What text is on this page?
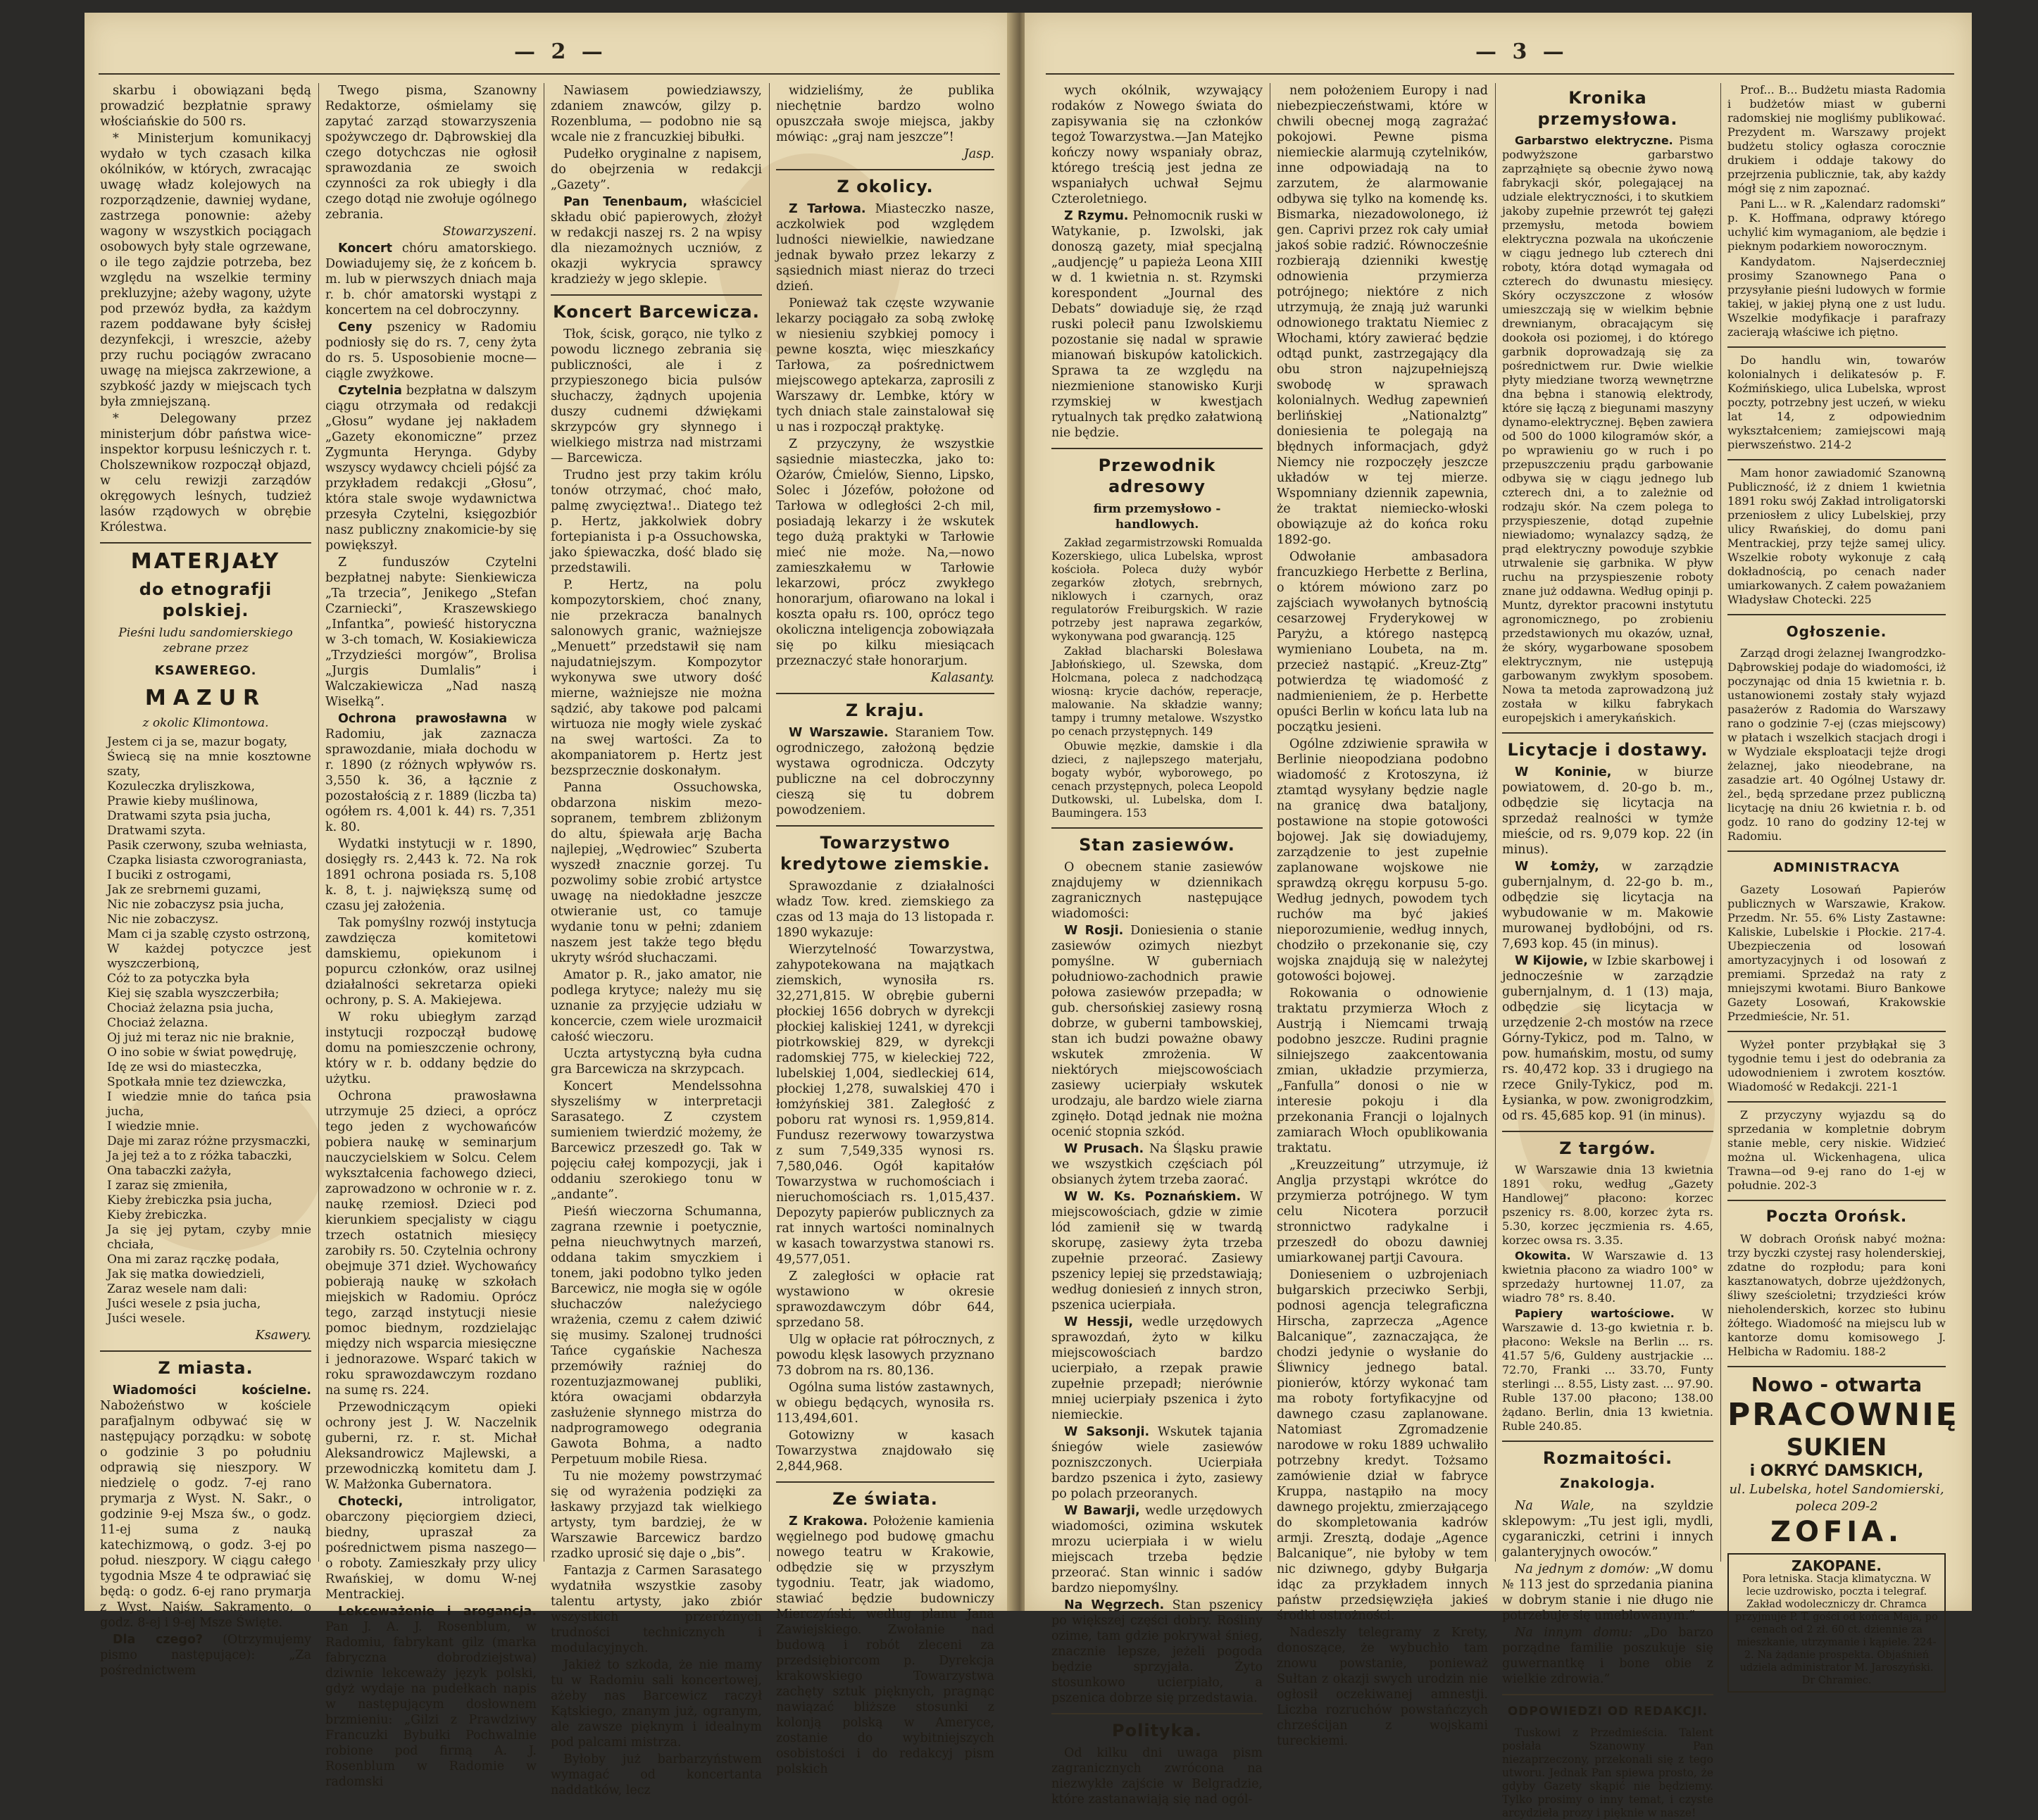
— 2 —

skarbu i obowiązani będą prowadzić bezpłatnie sprawy włościańskie do 500 rs.

* Ministerjum komunikacyj wydało w tych czasach kilka okólników, w których, zwracając uwagę władz kolejowych na rozporządzenie, dawniej wydane, zastrzega ponownie: ażeby wagony w wszystkich pociągach osobowych były stale ogrzewane, o ile tego zajdzie potrzeba, bez względu na wszelkie terminy prekluzyjne; ażeby wagony, użyte pod przewóz bydła, za każdym razem poddawane były ścisłej dezynfekcji, i wreszcie, ażeby przy ruchu pociągów zwracano uwagę na miejsca zakrzewione, a szybkość jazdy w miejscach tych była zmniejszaną.

* Delegowany przez ministerjum dóbr państwa wice-inspektor korpusu leśniczych r. t. Cholszewnikow rozpoczął objazd, w celu rewizji zarządów okręgowych leśnych, tudzież lasów rządowych w obrębie Królestwa.

MATERJAŁY
do etnografji polskiej.
Pieśni ludu sandomierskiego zebrane przez
KSAWEREGO.
MAZUR
z okolic Klimontowa.

Jestem ci ja se, mazur bogaty,
Świecą się na mnie kosztowne szaty,
Kozuleczka dryliszkowa,
Prawie kieby muślinowa,
Dratwami szyta psia jucha,
Dratwami szyta.
Pasik czerwony, szuba wełniasta,
Czapka lisiasta czworograniasta,
I buciki z ostrogami,
Jak ze srebrnemi guzami,
Nic nie zobaczysz psia jucha,
Nic nie zobaczysz.
Mam ci ja szablę czysto ostrzoną,
W każdej potyczce jest wyszczerbioną,
Cóż to za potyczka była
Kiej się szabla wyszczerbiła;
Chociaż żelazna psia jucha,
Chociaż żelazna.
Oj już mi teraz nic nie braknie,
O ino sobie w świat powędruję,
Idę ze wsi do miasteczka,
Spotkała mnie tez dziewczka,
I wiedzie mnie do tańca psia jucha,
I wiedzie mnie.
Daje mi zaraz różne przysmaczki,
Ja jej też a to z różka tabaczki,
Ona tabaczki zażyła,
I zaraz się zmieniła,
Kieby żrebiczka psia jucha,
Kieby żrebiczka.
Ja się jej pytam, czyby mnie chciała,
Ona mi zaraz rączkę podała,
Jak się matka dowiedzieli,
Zaraz wesele nam dali:
Juści wesele z psia jucha,
Juści wesele.

Ksawery.

Z miasta.

Wiadomości kościelne. Nabożeństwo w kościele parafjalnym odbywać się w następujący porządku: w sobotę o godzinie 3 po południu odprawią się nieszpory. W niedzielę o godz. 7-ej rano prymarja z Wyst. N. Sakr., o godzinie 9-ej Msza św., o godz. 11-ej suma z nauką katechizmową, o godz. 3-ej po połud. nieszpory. W ciągu całego tygodnia Msze 4 te odprawiać się będą: o godz. 6-ej rano prymarja z Wyst. Najśw. Sakramento, o godz. 8-ej i 9-ej Msze Święte.

Dla czego? (Otrzymujemy pismo następujące): „Za pośrednictwem

Twego pisma, Szanowny Redaktorze, ośmielamy się zapytać zarząd stowarzyszenia spożywczego dr. Dąbrowskiej dla czego dotychczas nie ogłosił sprawozdania ze swoich czynności za rok ubiegły i dla czego dotąd nie zwołuje ogólnego zebrania.

Stowarzyszeni.

Koncert chóru amatorskiego. Dowiadujemy się, że z końcem b. m. lub w pierwszych dniach maja r. b. chór amatorski wystąpi z koncertem na cel dobroczynny.

Ceny pszenicy w Radomiu podniosły się do rs. 7, ceny żyta do rs. 5. Usposobienie mocne—ciągle zwyżkowe.

Czytelnia bezpłatna w dalszym ciągu otrzymała od redakcji „Głosu” wydane jej nakładem „Gazety ekonomiczne” przez Zygmunta Heryngа. Gdyby wszyscy wydawcy chcieli pójść za przykładem redakcji „Głosu”, która stale swoje wydawnictwa przesyła Czytelni, księgozbiór nasz publiczny znakomicie-by się powiększył.

Z funduszów Czytelni bezpłatnej nabyte: Sienkiewicza „Ta trzecia”, Jenikego „Stefan Czarniecki”, Kraszewskiego „Infantka”, powieść historyczna w 3-ch tomach, W. Kosiakiewicza „Trzydzieści morgów”, Brolisa „Jurgis Dumlalis” i Walczakiewicza „Nad naszą Wisełką”.

Ochrona prawosławna w Radomiu, jak zaznacza sprawozdanie, miała dochodu w r. 1890 (z różnych wpływów rs. 3,550 k. 36, a łącznie z pozostałością z r. 1889 (liczba ta) ogółem rs. 4,001 k. 44) rs. 7,351 k. 80.

Wydatki instytucji w r. 1890, dosięgły rs. 2,443 k. 72. Na rok 1891 ochrona posiada rs. 5,108 k. 8, t. j. największą sumę od czasu jej założenia.

Tak pomyślny rozwój instytucja zawdzięcza komitetowi damskiemu, opiekunom i popurcu członków, oraz usilnej działalności sekretarza opieki ochrony, p. S. A. Makiejewa.

W roku ubiegłym zarząd instytucji rozpoczął budowę domu na pomieszczenie ochrony, który w r. b. oddany będzie do użytku.

Ochrona prawosławna utrzymuje 25 dzieci, a oprócz tego jeden z wychowańców pobiera naukę w seminarjum nauczycielskiem w Solcu. Celem wykształcenia fachowego dzieci, zaprowadzono w ochronie w r. z. naukę rzemiosł. Dzieci pod kierunkiem specjalisty w ciągu trzech ostatnich miesięcy zarobiły rs. 50. Czytelnia ochrony obejmuje 371 dzieł. Wychowańcy pobierają naukę w szkołach miejskich w Radomiu. Oprócz tego, zarząd instytucji niesie pomoc biednym, rozdzielając między nich wsparcia miesięczne i jednorazowe. Wsparć takich w roku sprawozdawczym rozdano na sumę rs. 224.

Przewodniczącym opieki ochrony jest J. W. Naczelnik guberni, rz. r. st. Michał Aleksandrowicz Majlewski, a przewodniczką komitetu dam J. W. Małżonka Gubernatora.

Chotecki,	introligator, obarczony pięciorgiem dzieci, biedny, upraszał za pośrednictwem pisma naszego—o roboty. Zamieszkały przy ulicy Rwańskiej, w domu W-nej Mentrackiej.

Lekceważenie i arogancja. Pan J. A. J. Rosenblum, w Radomiu, fabrykant gilz (marka fabryczna dobrodziejstwa) dziwnie lekceważy język polski, gdyż wydaje na pudełkach napis w następującym dosłownem brzmieniu: „Gilzi z Prawdziwy Francuzki Bybułki Pochwalnie robione pod firmą A. J. Rosenblum w Radomie w radomski

Nawiasem powiedziawszy, zdaniem znawców, gilzy p. Rozenbluma, — podobno nie są wcale nie z francuzkiej bibułki.

Pudełko oryginalne z napisem, do obejrzenia w redakcji „Gazety”.

Pan Tenenbaum, właściciel składu obić papierowych, złożył w redakcji naszej rs. 2 na wpisy dla niezamożnych uczniów, z okazji wykrycia sprawcy kradzieży w jego sklepie.

Koncert Barcewicza.

Tłok, ścisk, gorąco, nie tylko z powodu licznego zebrania się publiczności, ale i z przypieszonego bicia pulsów słuchaczy, żądnych upojenia duszy cudnemi dźwiękami skrzypców gry słynnego i wielkiego mistrza nad mistrzami — Barcewicza.

Trudno jest przy takim królu tonów otrzymać, choć mało, palmę zwycięztwa!.. Diatego też p. Hertz, jakkolwiek dobry fortepianista i p-a Ossuchowska, jako śpiewaczka, dość blado się przedstawili.

P. Hertz, na polu kompozytorskiem, choć znany, nie przekracza banalnych salonowych granic, ważniejsze „Menuett” przedstawił się nam najudatniejszym. Kompozytor wykonywa swe utwory dość mierne, ważniejsze nie można sądzić, aby takowe pod palcami wirtuoza nie mogły wiele zyskać na swej wartości. Za to akompaniatorem p. Hertz jest bezsprzecznie doskonałym.

Panna Ossuchowska, obdarzona niskim mezo-sopranem, tembrem zbliżonym do altu, śpiewała arję Bacha najlepiej, „Wędrowiec” Szuberta wyszedł znacznie gorzej. Tu pozwolimy sobie zrobić artystce uwagę na niedokładne jeszcze otwieranie ust, co tamuje wydanie tonu w pełni; zdaniem naszem jest także tego błędu ukryty wśród słuchaczami.

Amator p. R., jako amator, nie podlega krytyce; należy mu się uznanie za przyjęcie udziału w koncercie, czem wiele urozmaicił całość wieczoru.

Uczta artystyczną była cudna gra Barcewicza na skrzypcach.

Koncert Mendelssohna słyszeliśmy w interpretacji Sarasatego. Z czystem sumieniem twierdzić możemy, że Barcewicz przeszedł go. Tak w pojęciu całej kompozycji, jak i oddaniu szerokiego tonu w „andante”.

Pieśń wieczorna Schumanna, zagrana rzewnie i poetycznie, pełna nieuchwytnych marzeń, oddana takim smyczkiem i tonem, jaki podobno tylko jeden Barcewicz, nie mogła się w ogóle słuchaczów naleźyciego wrażenia, czemu z całem dziwić się musimy. Szalonej trudności Tańce cygańskie Nachesza przemówiły raźniej do rozentuzjazmowanej publiki, która owacjami obdarzyła zasłużenie słynnego mistrza do nadprogramowego odegrania Gawota Bohma, a nadto Perpetuum mobile Riesa.

Tu nie możemy powstrzymać się od wyrażenia podzięki za łaskawy przyjazd tak wielkiego artysty, tym bardziej, że w Warszawie Barcewicz bardzo rzadko uprosić się daje o „bis”.

Fantazja z Carmen Sarasatego wydatniła wszystkie zasoby talentu artysty, jako zbiór wszystkich przeróżnych trudności technicznych i modulacyjnych.

Jakież to szkoda, że nie mamy tu w Radomiu sali koncertowej, ażeby nas Barcewicz raczył Kątskiego, znanym już, ogranym, ale zawsze pięknym i idealnym pod palcami mistrza.

Byłoby już barbarzyństwem wymagać od koncertanta naddatków, lecz

widzieliśmy, że publika niechętnie bardzo wolno opuszczała swoje miejsca, jakby mówiąc: „graj nam jeszcze”!

Jasp.

Z okolicy.

Z Tarłowa. Miasteczko nasze, aczkolwiek pod względem ludności niewielkie, nawiedzane jednak bywało przez lekarzy z sąsiednich miast nieraz do trzeci dzień.

Ponieważ tak częste wzywanie lekarzy pociągało za sobą zwłokę w niesieniu szybkiej pomocy i pewne koszta, więc mieszkańcy Tarłowa, za pośrednictwem miejscowego aptekarza, zaprosili z Warszawy dr. Lembke, który w tych dniach stale zainstalował się u nas i rozpoczął praktykę.

Z przyczyny, że wszystkie sąsiednie miasteczka, jako to: Ożarów, Ćmielów, Sienno, Lipsko, Solec i Józefów, położone od Tarłowa w odległości 2-ch mil, posiadają lekarzy i że wskutek tego dużą praktyki w Tarłowie mieć nie może. Na,—nowo zamieszkałemu w Tarłowie lekarzowi, prócz zwykłego honorarjum, ofiarowano na lokal i koszta opału rs. 100, oprócz tego okolicznа inteligencja zobowiązała się po kilku miesiącach przeznaczyć stałe honorarjum.

Kalasanty.

Z kraju.

W Warszawie. Staraniem Tow. ogrodniczego, założoną będzie wystawa ogrodnicza. Odczyty publiczne na cel dobroczynny cieszą się tu dobrem powodzeniem.

Towarzystwo kredytowe ziemskie.

Sprawozdanie z działalności władz Tow. kred. ziemskiego za czas od 13 maja do 13 listopada r. 1890 wykazuje:

Wierzytelność Towarzystwa, zahypotekowana na majątkach ziemskich, wynosiła rs. 32,271,815. W obrębie guberni płockiej 1656 dobrych w dyrekcji płockiej kaliskiej 1241, w dyrekcji piotrkowskiej 829, w dyrekcji radomskiej 775, w kieleckiej 722, lubelskiej 1,004, siedleckiej 614, płockiej 1,278, suwalskiej 470 i łomżyńskiej 381. Zaległość z poboru rat wynosi rs. 1,959,814. Fundusz rezerwowy towarzystwa z sum 7,549,335 wynosi rs. 7,580,046. Ogół kapitałów Towarzystwa w ruchomościach i nieruchomościach rs. 1,015,437. Depozyty papierów publicznych za rat innych wartości nominalnych w kasach towarzystwa stanowi rs. 49,577,051.

Z zaległości w opłacie rat wystawiono w okresie sprawozdawczym dóbr 644, sprzedano 58.

Ulg w opłacie rat półrocznych, z powodu klęsk lasowych przyznano 73 dobrom na rs. 80,136.

Ogólna suma listów zastawnych, w obiegu będących, wynosiła rs. 113,494,601.

Gotowizny w kasach Towarzystwa znajdowało się 2,844,968.

Ze świata.

Z Krakowa. Położenie kamienia węgielnego pod budowę gmachu nowego teatru w Krakowie, odbędzie się w przyszłym tygodniu. Teatr, jak wiadomo, stawiać będzie budowniczy Mierczyński, według planu Jana Zawiejskiego. Zwołanie nad budową i robót zleceni za przedsiębiorcom p. Dyrekcja krakowskiego Towarzystwa zachęty sztuk pięknych, pragnąc nawiązać bliższe stosunki z kolonją polską w Ameryce, zostanie do wybitniejszych osobistości i do redakcyj pism polskich

— 3 —

wych okólnik, wzywający rodaków z Nowego świata do zapisywania się na członków tegoż Towarzystwa.—Jan Matejko kończy nowy wspaniały obraz, którego treścią jest jedna ze wspaniałych uchwał Sejmu Czteroletniego.

Z Rzymu. Pełnomocnik ruski w Watykanie, p. Izwolski, jak donoszą gazety, miał specjalną „audjencję” u papieża Leona XIII w d. 1 kwietnia n. st. Rzymski korespondent „Journal des Debats” dowiaduje się, że rząd ruski polecił panu Izwolskiemu pozostanie się nadal w sprawie mianowań biskupów katolickich. Sprawa ta ze względu na niezmienione stanowisko Kurji rzymskiej w kwestjach rytualnych tak prędko załatwioną nie będzie.

Przewodnik adresowy
firm przemysłowo - handlowych.

Zakład zegarmistrzowski Romualda Kozerskiego, ulica Lubelska, wprost kościoła. Poleca duży wybór zegarków złotych, srebrnych, niklowych i czarnych, oraz regulatorów Freiburgskich. W razie potrzeby jest naprawa zegarków, wykonywana pod gwarancją. 125

Zakład blacharski Bolesława Jabłońskiego, ul. Szewska, dom Holcmana, poleca z nadchodzącą wiosną: krycie dachów, reperacje, malowanie. Na składzie wanny; tampy i trumny metalowe. Wszystko po cenach przystępnych. 149

Obuwie męzkie, damskie i dla dzieci, z najlepszego materjału, bogaty wybór, wyborowego, po cenach przystępnych, poleca Leopold Dutkowski, ul. Lubelska, dom I. Baumingera. 153

Stan zasiewów.

O obecnem stanie zasiewów znajdujemy w dziennikach zagranicznych następujące wiadomości:

W Rosji. Doniesienia o stanie zasiewów ozimych niezbyt pomyślne. W guberniach południowo-zachodnich prawie połowa zasiewów przepadła; w gub. chersońskiej zasiewy rosną dobrze, w guberni tambowskiej, stan ich budzi poważne obawy wskutek zmrożenia. W niektórych miejscowościach zasiewy ucierpiały wskutek urodzaju, ale bardzo wiele ziarna zginęło. Dotąd jednak nie można ocenić stopnia szkód.

W Prusach. Na Śląsku prawie we wszystkich częściach pól obsianych żytem trzeba zaorać.

W W. Ks. Poznańskiem. W miejscowościach, gdzie w zimie lód zamienił się w twardą skorupę, zasiewy żyta trzeba zupełnie przeorać. Zasiewy pszenicy lepiej się przedstawiają; według doniesień z innych stron, pszenica ucierpiała.

W Hessji, wedle urzędowych sprawozdań, żyto w kilku miejscowościach bardzo ucierpiało, a rzepak prawie zupełnie przepadł; nierównie mniej ucierpiały pszenica i żyto niemieckie.

W Saksonji. Wskutek tajania śniegów wiele zasiewów pozniszczonych. Ucierpiała bardzo pszenica i żyto, zasiewy po polach przeoranych.

W Bawarji, wedle urzędowych wiadomości, ozimina wskutek mrozu ucierpiała i w wielu miejscach trzeba będzie przeorać. Stan winnic i sadów bardzo niepomyślny.

Na Węgrzech. Stan pszenicy po większej części dobry. Rośliny ozime, tam gdzie pokrywał śnieg, znacznie lepsze, jeżeli pogoda będzie sprzyjała. Żyto stosunkowo ucierpiało, a pszenica dobrze się przedstawia.

Polityka.

Od kilku dni uwaga pism zagranicznych zwrócona na niezwykłe zajście w Belgradzie, które zastanawiają się nad ogól-

nem położeniem Europy i nad niebezpieczeństwami, które w chwili obecnej mogą zagrażać pokojowi. Pewne pisma niemieckie alarmują czytelników, inne odpowiadają na to zarzutem, że alarmowanie odbywa się tylko na komendę ks. Bismarka, niezadowolonego, iż gen. Caprivi przez rok cały umiał jakoś sobie radzić. Równocześnie rozbierają dziennikі kwestję odnowienia przymierza potrójnego; niektóre z nich utrzymują, że znają już warunki odnowionego traktatu Niemiec z Włochami, który zawierać będzie odtąd punkt, zastrzegający dla obu stron najzupełniejszą swobodę w sprawach kolonialnych. Według zapewnień berlińskiej „Nationalztg” doniesienia te polegają na błędnych informacjach, gdyż Niemcy nie rozpoczęły jeszcze układów w tej mierze. Wspomniany dziennik zapewnia, że traktat niemiecko-włoski obowiązuje aż do końca roku 1892-go.

Odwołanie ambasadora francuzkiego Herbette z Berlina, o którem mówiono zarz po zajściach wywołanych bytnością cesarzowej Fryderykowej w Paryżu, a którego następcą wymieniano Loubeta, na m. przecież nastąpić. „Kreuz-Ztg” potwierdza tę wiadomość z nadmienieniem, że p. Herbette opuści Berlin w końcu lata lub na początku jesieni.

Ogólne zdziwienie sprawiła w Berlinie nieopodziana podobno wiadomość z Krotoszyna, iż ztamtąd wysyłany będzie nagle na granicę dwa bataljony, postawione na stopie gotowości bojowej. Jak się dowiadujemy, zarządzenie to jest zupełnie zaplanowane wojskowe nie sprawdzą okręgu korpusu 5-go. Według jednych, powodem tych ruchów ma być jakieś nieporozumienie, według innych, chodziło o przekonanie się, czy wojska znajdują się w należytej gotowości bojowej.

Rokowania o odnowienie traktatu przymierza Włoch z Austrją i Niemcami trwają podobno jeszcze. Rudini pragnie silniejszego zaakcentowania zmian, układzie przymierza, „Fanfulla” donosi o nie w interesie pokoju i dla przekonania Francji o lojalnych zamiarach Włoch opublikowania traktatu.

„Kreuzzeitung” utrzymuje, iż Anglja przystąpi wkrótce do przymierza potrójnego. W tym celu Nicotera porzucił stronnictwo radykalne i przeszedł do obozu dawniej umiarkowanej partji Cavoura.

Donieseniem o uzbrojeniach bułgarskich przeciwko Serbji, podnosi agencja telegraficzna Hirscha, zaprzecza „Agence Balcanique”, zaznaczająca, że chodzi jedynie o wysłanie do Śliwnicy jednego batal. pionierów, którzy wykonać tam ma roboty fortyfikacyjne od dawnego czasu zaplanowane. Natomiast Zgromadzenie narodowe w roku 1889 uchwaliło potrzebny kredyt. Tożsamo zamówienie dział w fabryce Kruppa, nastąpiło na mocy dawnego projektu, zmierzającego do skompletowania kadrów armji. Zresztą, dodaje „Agence Balcanique”, nie byłoby w tem nic dziwnego, gdyby Bułgarja idąc za przykładem innych państw przedsięwzięła jakieś środki ostrożności.

Nadeszły telegramy z Krety, donoszące, że wybuchło tam znowu powstanie, ponieważ Sułtan z okazji swych urodzin nie ogłosił oczekiwanej amnestji. Liczba rozruchów powstańczych chrześcijan z wojskami tureckiemi.

Kronika przemysłowa.

Garbarstwo elektryczne. Pisma podwyższone garbarstwo zaprząłnięte są obecnie żywo nową fabrykacji skór, polegającej na udziale elektryczności, i to skutkiem jakoby zupełnie przewrót tej gałęzi przemysłu, metoda bowiem elektryczna pozwala na ukończenie w ciągu jednego lub czterech dni roboty, która dotąd wymagała od czterech do dwunastu miesięcy. Skóry oczyszczone z włosów umieszczają się w wielkim bębnie drewnianym, obracającym się dookoła osi poziomej, i do którego garbnik doprowadzają się za pośrednictwem rur. Dwie wielkie płyty miedziane tworzą wewnętrzne dna bębna i stanowią elektrody, które się łączą z biegunami maszyny dynamo-elektrycznej. Bęben zawiera od 500 do 1000 kilogramów skór, a po wprawieniu go w ruch i po przepuszczeniu prądu garbowanie odbywa się w ciągu jednego lub czterech dni, a to zależnie od rodzaju skór. Na czem polega to przyspieszenie, dotąd zupełnie niewiadomo; wynalazcy sądzą, że prąd elektryczny powoduje szybkie utrwalenie się garbnika. W pływ ruchu na przyspieszenie roboty znane już oddawna. Według opinji p. Muntz, dyrektor pracowni instytutu agronomicznego, po zrobieniu przedstawionych mu okazów, uznał, że skóry, wygarbowane sposobem elektrycznym, nie ustępują garbowanym zwykłym sposobem. Nowa ta metoda zaprowadzoną już została w kilku fabrykach europejskich i amerykańskich.

Licytacje i dostawy.

W Koninie, w biurze powiatowem, d. 20-go b. m., odbędzie się licytacja na sprzedaż realności w tymże mieście, od rs. 9,079 kop. 22 (in minus).

W Łomży, w zarządzie gubernjalnym, d. 22-go b. m., odbędzie się licytacja na wybudowanie w m. Makowie murowanej bydłobójni, od rs. 7,693 kop. 45 (in minus).

W Kijowie, w Izbie skarbowej i jednocześnie w zarządzie gubernjalnym, d. 1 (13) maja, odbędzie się licytacja w urzędzenie 2-ch mostów na rzece Górny-Tykicz, pod m. Talno, w pow. humańskim, mostu, od sumy rs. 40,472 kop. 33 i drugiego na rzece Gnily-Tykicz, pod m. Łysianka, w pow. zwonigrodzkim, od rs. 45,685 kop. 91 (in minus).

Z targów.

W Warszawie dnia 13 kwietnia 1891 roku, według „Gazety Handlowej” płacono: korzec pszenicy rs. 8.00, korzec żyta rs. 5.30, korzec jęczmienia rs. 4.65, korzec owsa rs. 3.35.

Okowita. W Warszawie d. 13 kwietnia płacono za wiadro 100° w sprzedaży hurtownej 11.07, za wiadro 78° rs. 8.40.

Papiery wartościowe. W Warszawie d. 13-go kwietnia r. b. płacono: Weksle na Berlin ... rs. 41.57 5/6, Guldeny austrjackie ... 72.70, Franki ... 33.70, Funty sterlingi ... 8.55, Listy zast. ... 97.90. Ruble 137.00 płacono; 138.00 żądano. Berlin, dnia 13 kwietnia. Ruble 240.85.

Rozmaitości.
Znakologja.

Na Wale, na szyldzie sklepowym: „Tu jest igli, mydli, cygaraniczki, cetrini i innych galanteryjnych owoców.”

Na jednym z domów: „W domu № 113 jest do sprzedania pianina w dobrym stanie i nie długo nie potrzebuje się umeblowanym.”

Na innym domu: „Do barzo porządne familie poszukuje się guwernantkę i bone obie z wielkie zdrowia.”

ODPOWIEDZI OD REDAKCJI.

Tuskowi z Przedmieścia. Talent posłała Szanowny Pan niezaprzeczony, przekonali się z tego utworu. Jednak Pan spiewa prosto, że gdyby Gazety skąpić nie będziemy. Tylko prosimy o inny temat, i czyste arcydzieła prozy i pięknie w nasze!

Prof... B... Budżetu miasta Radomia i budżetów miast w guberni radomskiej nie mogliśmy publikować. Prezydent m. Warszawy projekt budżetu stolicy ogłasza corocznie drukiem i oddaje takowy do przejrzenia publicznie, tak, aby każdy mógł się z nim zapoznać.

Pani L... w R. „Kalendarz radomski” p. K. Hoffmana, odprawy którego uchylić kim wymaganiom, ale będzie i pieknym podarkiem noworocznym.

Kandydatom. Najserdeczniej prosimy Szanownego Pana o przysyłanie pieśni ludowych w formie takiej, w jakiej płyną one z ust ludu. Wszelkie modyfikacje i parafrazy zacierają właściwe ich piętno.

Do handlu win, towarów kolonialnych i delikatesów p. F. Koźmińskiego, ulica Lubelska, wprost poczty, potrzebny jest uczeń, w wieku lat 14, z odpowiednim wykształceniem; zamiejscowi mają pierwszeństwo. 214-2

Mam honor zawiadomić Szanowną Publiczność, iż z dniem 1 kwietnia 1891 roku swój Zakład introligatorski przeniosłem z ulicy Lubelskiej, przy ulicy Rwańskiej, do domu pani Mentrackiej, przy tejże samej ulicy. Wszelkie roboty wykonuje z całą dokładnością, po cenach nader umiarkowanych. Z całem poważaniem Władysław Chotecki. 225

Ogłoszenie.

Zarząd drogi żelaznej Iwangrodzko-Dąbrowskiej podaje do wiadomości, iż poczynając od dnia 15 kwietnia r. b. ustanowionemi zostały stały wyjazd pasażerów z Radomia do Warszawy rano o godzinie 7-ej (czas miejscowy) w płatach i wszelkich stacjach drogi i w Wydziale eksploatacji tejże drogi żelaznej, jako nieodebrane, na zasadzie art. 40 Ogólnej Ustawy dr. żel., będą sprzedane przez publiczną licytację na dniu 26 kwietnia r. b. od godz. 10 rano do godziny 12-tej w Radomiu.

ADMINISTRACYA

Gazety Losowań Papierów publicznych w Warszawie, Krakow. Przedm. Nr. 55. 6% Listy Zastawne: Kaliskie, Lubelskie i Płockie. 217-4. Ubezpieczenia od losowań amortyzacyjnych i od losowań z premiami. Sprzedaż na raty z mniejszymi kwotami. Biuro Bankowe Gazety Losowań, Krakowskie Przedmieście, Nr. 51.

Wyżeł ponter przybłąkał się 3 tygodnie temu i jest do odebrania za udowodnieniem i zwrotem kosztów. Wiadomość w Redakcji. 221-1

Z przyczyny wyjazdu są do sprzedania w kompletnie dobrym stanie meble, cery niskie. Widzieć można ul. Wickenhagena, ulica Trawna—od 9-ej rano do 1-ej w południe. 202-3

Poczta Orońsk.

W dobrach Orońsk nabyć można: trzy byczki czystej rasy holenderskiej, zdatne do rozpłodu; para koni kasztanowatych, dobrze ujeżdżonych, śliwy sześcioletni; trzydzieści krów nieholenderskich, korzec sto łubinu żółtego. Wiadomość na miejscu lub w kantorze domu komisowego J. Helbicha w Radomiu. 188-2

Nowo - otwarta
PRACOWNIĘ
SUKIEN
i OKRYĆ DAMSKICH,
ul. Lubelska, hotel Sandomierski, poleca 209-2
ZOFIA.
ZAKOPANE.
Pora letniska. Stacja klimatyczna. W lecie uzdrowisko, poczta i telegraf. Zakład wodoleczniczy dr. Chramca przyjmuje P. T. gości od końca Maja, po cenach od 2 zł. 60 ct. dziennie za mieszkanie, utrzymanie i kąpiele. 224-2. Na żądanie prospekta. Objaśnień udziela administrator M. Jaroszyński. Dr Chramiec.
